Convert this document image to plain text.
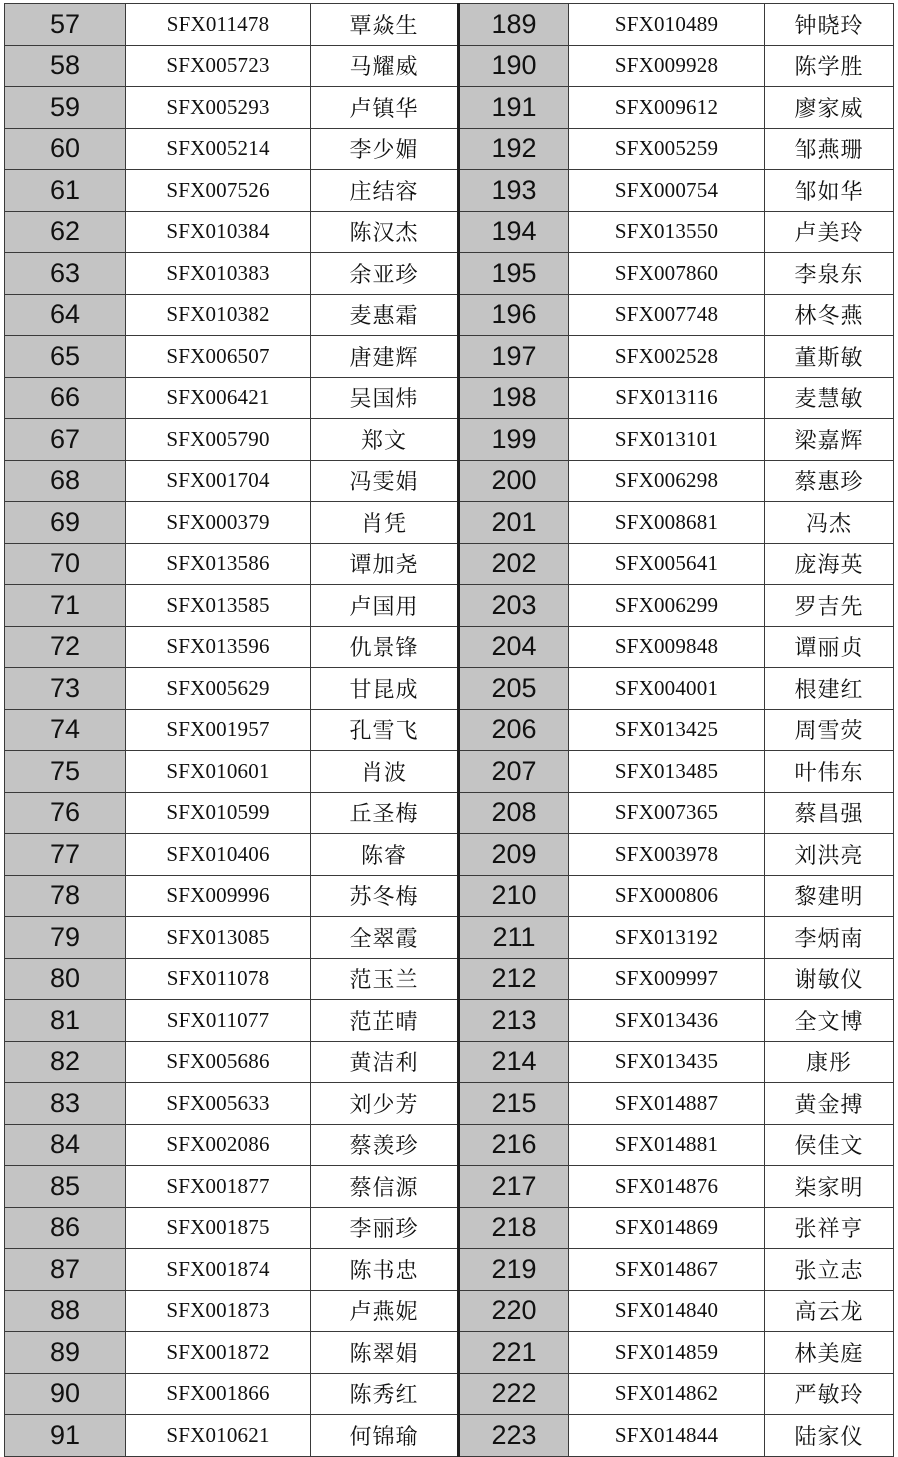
57	SFX011478	覃焱生	189	SFX010489	钟晓玲
58	SFX005723	马耀威	190	SFX009928	陈学胜
59	SFX005293	卢镇华	191	SFX009612	廖家威
60	SFX005214	李少媚	192	SFX005259	邹燕珊
61	SFX007526	庄结容	193	SFX000754	邹如华
62	SFX010384	陈汉杰	194	SFX013550	卢美玲
63	SFX010383	余亚珍	195	SFX007860	李泉东
64	SFX010382	麦惠霜	196	SFX007748	林冬燕
65	SFX006507	唐建辉	197	SFX002528	董斯敏
66	SFX006421	吴国炜	198	SFX013116	麦慧敏
67	SFX005790	郑文	199	SFX013101	梁嘉辉
68	SFX001704	冯雯娟	200	SFX006298	蔡惠珍
69	SFX000379	肖凭	201	SFX008681	冯杰
70	SFX013586	谭加尧	202	SFX005641	庞海英
71	SFX013585	卢国用	203	SFX006299	罗吉先
72	SFX013596	仇景锋	204	SFX009848	谭丽贞
73	SFX005629	甘昆成	205	SFX004001	根建红
74	SFX001957	孔雪飞	206	SFX013425	周雪荧
75	SFX010601	肖波	207	SFX013485	叶伟东
76	SFX010599	丘圣梅	208	SFX007365	蔡昌强
77	SFX010406	陈睿	209	SFX003978	刘洪亮
78	SFX009996	苏冬梅	210	SFX000806	黎建明
79	SFX013085	全翠霞	211	SFX013192	李炳南
80	SFX011078	范玉兰	212	SFX009997	谢敏仪
81	SFX011077	范芷晴	213	SFX013436	全文博
82	SFX005686	黄洁利	214	SFX013435	康彤
83	SFX005633	刘少芳	215	SFX014887	黄金搏
84	SFX002086	蔡羡珍	216	SFX014881	侯佳文
85	SFX001877	蔡信源	217	SFX014876	柒家明
86	SFX001875	李丽珍	218	SFX014869	张祥亨
87	SFX001874	陈书忠	219	SFX014867	张立志
88	SFX001873	卢燕妮	220	SFX014840	高云龙
89	SFX001872	陈翠娟	221	SFX014859	林美庭
90	SFX001866	陈秀红	222	SFX014862	严敏玲
91	SFX010621	何锦瑜	223	SFX014844	陆家仪
